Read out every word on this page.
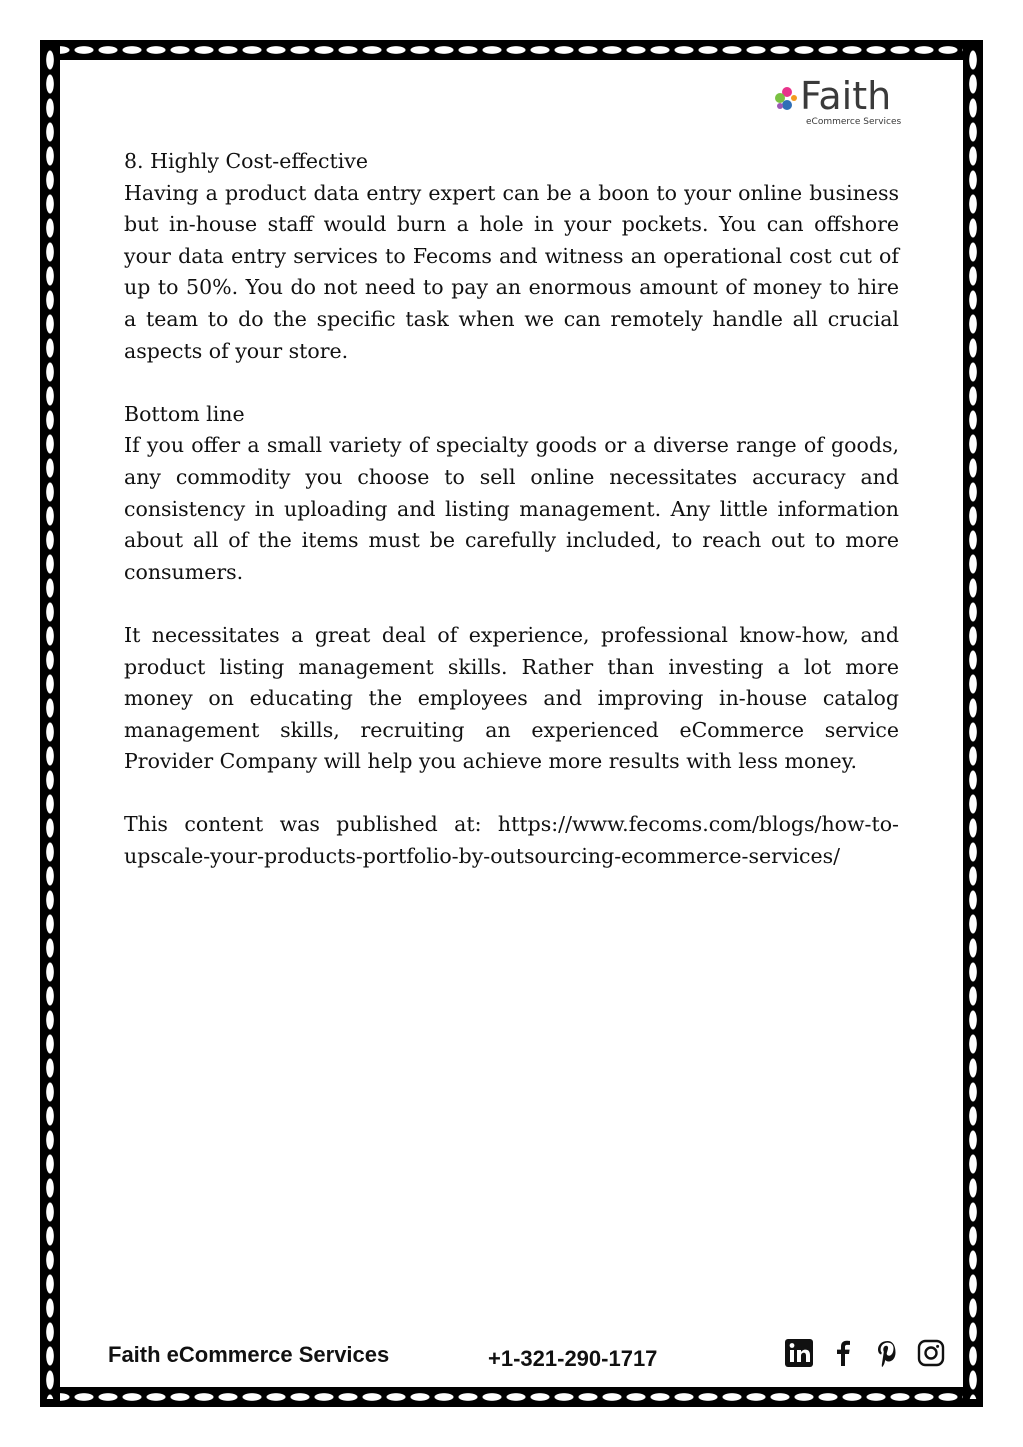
Faith
eCommerce Services
8. Highly Cost-effective

Having a product data entry expert can be a boon to your online business but in-house staff would burn a hole in your pockets. You can offshore your data entry services to Fecoms and witness an operational cost cut of up to 50%. You do not need to pay an enormous amount of money to hire a team to do the specific task when we can remotely handle all crucial aspects of your store.

Bottom line

If you offer a small variety of specialty goods or a diverse range of goods, any commodity you choose to sell online necessitates accuracy and consistency in uploading and listing management. Any little information about all of the items must be carefully included, to reach out to more consumers.

It necessitates a great deal of experience, professional know-how, and product listing management skills. Rather than investing a lot more money on educating the employees and improving in-house catalog management skills, recruiting an experienced eCommerce service Provider Company will help you achieve more results with less money.

This content was published at: https://www.fecoms.com/blogs/how-to-upscale-your-products-portfolio-by-outsourcing-ecommerce-services/

Faith eCommerce Services	+1-321-290-1717
